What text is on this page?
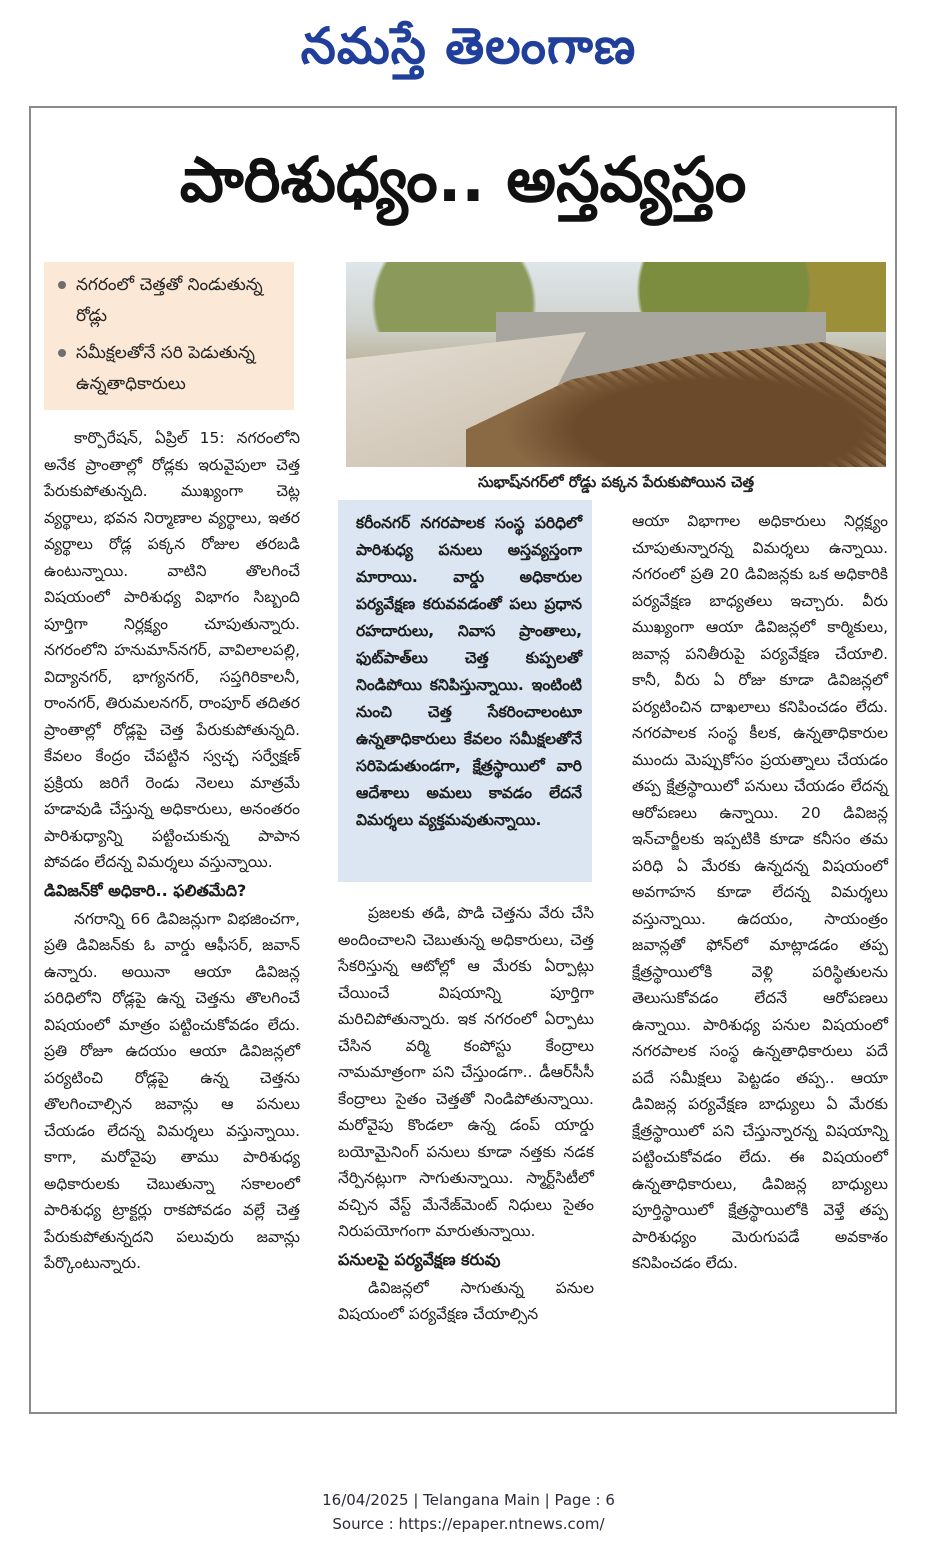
నమస్తే తెలంగాణ
పారిశుధ్యం.. అస్తవ్యస్తం
నగరంలో చెత్తతో నిండుతున్న రోడ్లు
సమీక్షలతోనే సరి పెడుతున్న ఉన్నతాధికారులు
సుభాష్‌నగర్‌లో రోడ్డు పక్కన పేరుకుపోయిన చెత్త

కార్పొరేషన్‌, ఏప్రిల్‌ 15: నగరంలోని అనేక ప్రాంతాల్లో రోడ్లకు ఇరువైపులా చెత్త పేరుకుపోతున్నది. ముఖ్యంగా చెట్ల వ్యర్థాలు, భవన నిర్మాణాల వ్యర్థాలు, ఇతర వ్యర్థాలు రోడ్ల పక్కన రోజుల తరబడి ఉంటున్నాయి. వాటిని తొలగించే విషయంలో పారిశుధ్య విభాగం సిబ్బంది పూర్తిగా నిర్లక్ష్యం చూపుతున్నారు. నగరంలోని హనుమాన్‌నగర్‌, వావిలాలపల్లి, విద్యానగర్‌, భాగ్యనగర్‌, సప్తగిరికాలనీ, రాంనగర్‌, తిరుమలనగర్‌, రాంపూర్‌ తదితర ప్రాంతాల్లో రోడ్లపై చెత్త పేరుకుపోతున్నది. కేవలం కేంద్రం చేపట్టిన స్వచ్ఛ సర్వేక్షణ్‌ ప్రక్రియ జరిగే రెండు నెలలు మాత్రమే హడావుడి చేస్తున్న అధికారులు, అనంతరం పారిశుధ్యాన్ని పట్టించుకున్న పాపాన పోవడం లేదన్న విమర్శలు వస్తున్నాయి.

డివిజన్‌కో అధికారి.. ఫలితమేది?

నగరాన్ని 66 డివిజన్లుగా విభజించగా, ప్రతి డివిజన్‌కు ఓ వార్డు ఆఫీసర్‌, జవాన్‌ ఉన్నారు. అయినా ఆయా డివిజన్ల పరిధిలోని రోడ్లపై ఉన్న చెత్తను తొలగించే విషయంలో మాత్రం పట్టించుకోవడం లేదు. ప్రతి రోజూ ఉదయం ఆయా డివిజన్లలో పర్యటించి రోడ్లపై ఉన్న చెత్తను తొలగించాల్సిన జవాన్లు ఆ పనులు చేయడం లేదన్న విమర్శలు వస్తున్నాయి. కాగా, మరోవైపు తాము పారిశుధ్య అధికారులకు చెబుతున్నా సకాలంలో పారిశుధ్య ట్రాక్టర్లు రాకపోవడం వల్లే చెత్త పేరుకుపోతున్నదని పలువురు జవాన్లు పేర్కొంటున్నారు.

కరీంనగర్‌ నగరపాలక సంస్థ పరిధిలో పారిశుధ్య పనులు అస్తవ్యస్తంగా మారాయి. వార్డు అధికారుల పర్యవేక్షణ కరువవడంతో పలు ప్రధాన రహదారులు, నివాస ప్రాంతాలు, ఫుట్‌పాత్‌లు చెత్త కుప్పలతో నిండిపోయి కనిపిస్తున్నాయి. ఇంటింటి నుంచి చెత్త సేకరించాలంటూ ఉన్నతాధికారులు కేవలం సమీక్షలతోనే సరిపెడుతుండగా, క్షేత్రస్థాయిలో వారి ఆదేశాలు అమలు కావడం లేదనే విమర్శలు వ్యక్తమవుతున్నాయి.

ప్రజలకు తడి, పొడి చెత్తను వేరు చేసి అందించాలని చెబుతున్న అధికారులు, చెత్త సేకరిస్తున్న ఆటోల్లో ఆ మేరకు ఏర్పాట్లు చేయించే విషయాన్ని పూర్తిగా మరిచిపోతున్నారు. ఇక నగరంలో ఏర్పాటు చేసిన వర్మి కంపోస్టు కేంద్రాలు నామమాత్రంగా పని చేస్తుండగా.. డీఆర్‌సీసీ కేంద్రాలు సైతం చెత్తతో నిండిపోతున్నాయి. మరోవైపు కొండలా ఉన్న డంప్‌ యార్డు బయోమైనింగ్‌ పనులు కూడా నత్తకు నడక నేర్పినట్లుగా సాగుతున్నాయి. స్మార్ట్‌సిటీలో వచ్చిన వేస్ట్‌ మేనేజ్‌మెంట్‌ నిధులు సైతం నిరుపయోగంగా మారుతున్నాయి.

పనులపై పర్యవేక్షణ కరువు

డివిజన్లలో సాగుతున్న పనుల విషయంలో పర్యవేక్షణ చేయాల్సిన

ఆయా విభాగాల అధికారులు నిర్లక్ష్యం చూపుతున్నారన్న విమర్శలు ఉన్నాయి. నగరంలో ప్రతి 20 డివిజన్లకు ఒక అధికారికి పర్యవేక్షణ బాధ్యతలు ఇచ్చారు. వీరు ముఖ్యంగా ఆయా డివిజన్లలో కార్మికులు, జవాన్ల పనితీరుపై పర్యవేక్షణ చేయాలి. కానీ, వీరు ఏ రోజు కూడా డివిజన్లలో పర్యటించిన దాఖలాలు కనిపించడం లేదు. నగరపాలక సంస్థ కీలక, ఉన్నతాధికారుల ముందు మెప్పుకోసం ప్రయత్నాలు చేయడం తప్ప క్షేత్రస్థాయిలో పనులు చేయడం లేదన్న ఆరోపణలు ఉన్నాయి. 20 డివిజన్ల ఇన్‌చార్జీలకు ఇప్పటికి కూడా కనీసం తమ పరిధి ఏ మేరకు ఉన్నదన్న విషయంలో అవగాహన కూడా లేదన్న విమర్శలు వస్తున్నాయి. ఉదయం, సాయంత్రం జవాన్లతో ఫోన్‌లో మాట్లాడడం తప్ప క్షేత్రస్థాయిలోకి వెళ్లి పరిస్థితులను తెలుసుకోవడం లేదనే ఆరోపణలు ఉన్నాయి. పారిశుధ్య పనుల విషయంలో నగరపాలక సంస్థ ఉన్నతాధికారులు పదే పదే సమీక్షలు పెట్టడం తప్ప.. ఆయా డివిజన్ల పర్యవేక్షణ బాధ్యులు ఏ మేరకు క్షేత్రస్థాయిలో పని చేస్తున్నారన్న విషయాన్ని పట్టించుకోవడం లేదు. ఈ విషయంలో ఉన్నతాధికారులు, డివిజన్ల బాధ్యులు పూర్తిస్థాయిలో క్షేత్రస్థాయిలోకి వెళ్తే తప్ప పారిశుధ్యం మెరుగుపడే అవకాశం కనిపించడం లేదు.

16/04/2025 | Telangana Main | Page : 6
Source : https://epaper.ntnews.com/
